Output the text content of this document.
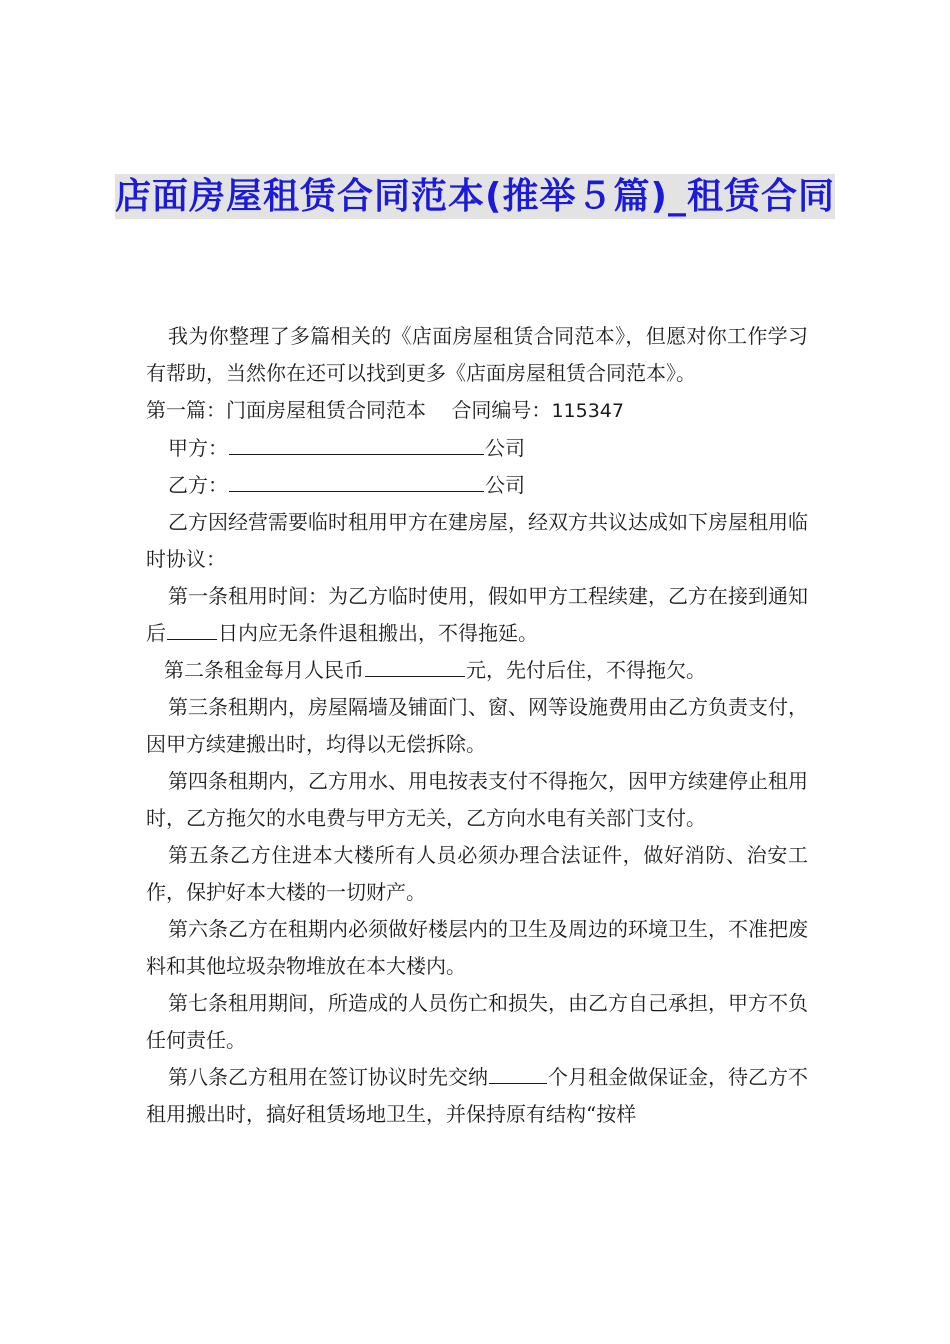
店面房屋租赁合同范本(推举５篇)_租赁合同

我为你整理了多篇相关的《店面房屋租赁合同范本》，但愿对你工作学习有帮助，当然你在还可以找到更多《店面房屋租赁合同范本》。

第一篇：门面房屋租赁合同范本 合同编号：115347

甲方：	公司

乙方：	公司

乙方因经营需要临时租用甲方在建房屋，经双方共议达成如下房屋租用临时协议：

第一条租用时间：为乙方临时使用，假如甲方工程续建，乙方在接到通知后	日内应无条件退租搬出，不得拖延。

第二条租金每月人民币	元，先付后住，不得拖欠。

第三条租期内，房屋隔墙及铺面门、窗、网等设施费用由乙方负责支付，因甲方续建搬出时，均得以无偿拆除。

第四条租期内，乙方用水、用电按表支付不得拖欠，因甲方续建停止租用时，乙方拖欠的水电费与甲方无关，乙方向水电有关部门支付。

第五条乙方住进本大楼所有人员必须办理合法证件，做好消防、治安工作，保护好本大楼的一切财产。

第六条乙方在租期内必须做好楼层内的卫生及周边的环境卫生，不准把废料和其他垃圾杂物堆放在本大楼内。

第七条租用期间，所造成的人员伤亡和损失，由乙方自己承担，甲方不负任何责任。

第八条乙方租用在签订协议时先交纳	个月租金做保证金，待乙方不租用搬出时，搞好租赁场地卫生，并保持原有结构“按样
